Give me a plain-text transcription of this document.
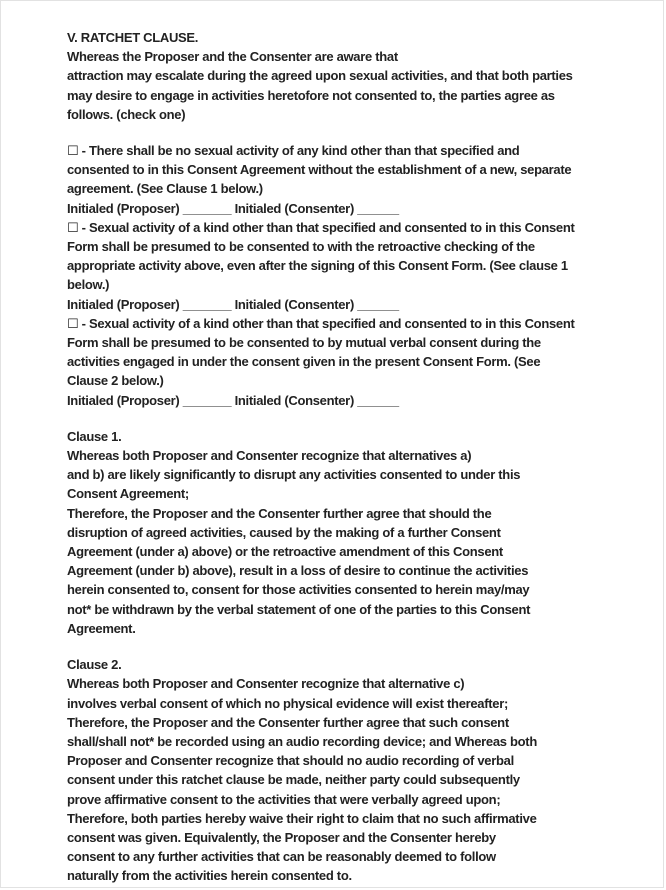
V. RATCHET CLAUSE.
Whereas the Proposer and the Consenter are aware that
attraction may escalate during the agreed upon sexual activities, and that both parties
may desire to engage in activities heretofore not consented to, the parties agree as
follows. (check one)
☐ - There shall be no sexual activity of any kind other than that specified and
consented to in this Consent Agreement without the establishment of a new, separate
agreement. (See Clause 1 below.)
Initialed (Proposer) _______ Initialed (Consenter) ______
☐ - Sexual activity of a kind other than that specified and consented to in this Consent
Form shall be presumed to be consented to with the retroactive checking of the
appropriate activity above, even after the signing of this Consent Form. (See clause 1
below.)
Initialed (Proposer) _______ Initialed (Consenter) ______
☐ - Sexual activity of a kind other than that specified and consented to in this Consent
Form shall be presumed to be consented to by mutual verbal consent during the
activities engaged in under the consent given in the present Consent Form. (See
Clause 2 below.)
Initialed (Proposer) _______ Initialed (Consenter) ______
Clause 1.
Whereas both Proposer and Consenter recognize that alternatives a)
and b) are likely significantly to disrupt any activities consented to under this
Consent Agreement;
Therefore, the Proposer and the Consenter further agree that should the
disruption of agreed activities, caused by the making of a further Consent
Agreement (under a) above) or the retroactive amendment of this Consent
Agreement (under b) above), result in a loss of desire to continue the activities
herein consented to, consent for those activities consented to herein may/may
not* be withdrawn by the verbal statement of one of the parties to this Consent
Agreement.
Clause 2.
Whereas both Proposer and Consenter recognize that alternative c)
involves verbal consent of which no physical evidence will exist thereafter;
Therefore, the Proposer and the Consenter further agree that such consent
shall/shall not* be recorded using an audio recording device; and Whereas both
Proposer and Consenter recognize that should no audio recording of verbal
consent under this ratchet clause be made, neither party could subsequently
prove affirmative consent to the activities that were verbally agreed upon;
Therefore, both parties hereby waive their right to claim that no such affirmative
consent was given. Equivalently, the Proposer and the Consenter hereby
consent to any further activities that can be reasonably deemed to follow
naturally from the activities herein consented to.
